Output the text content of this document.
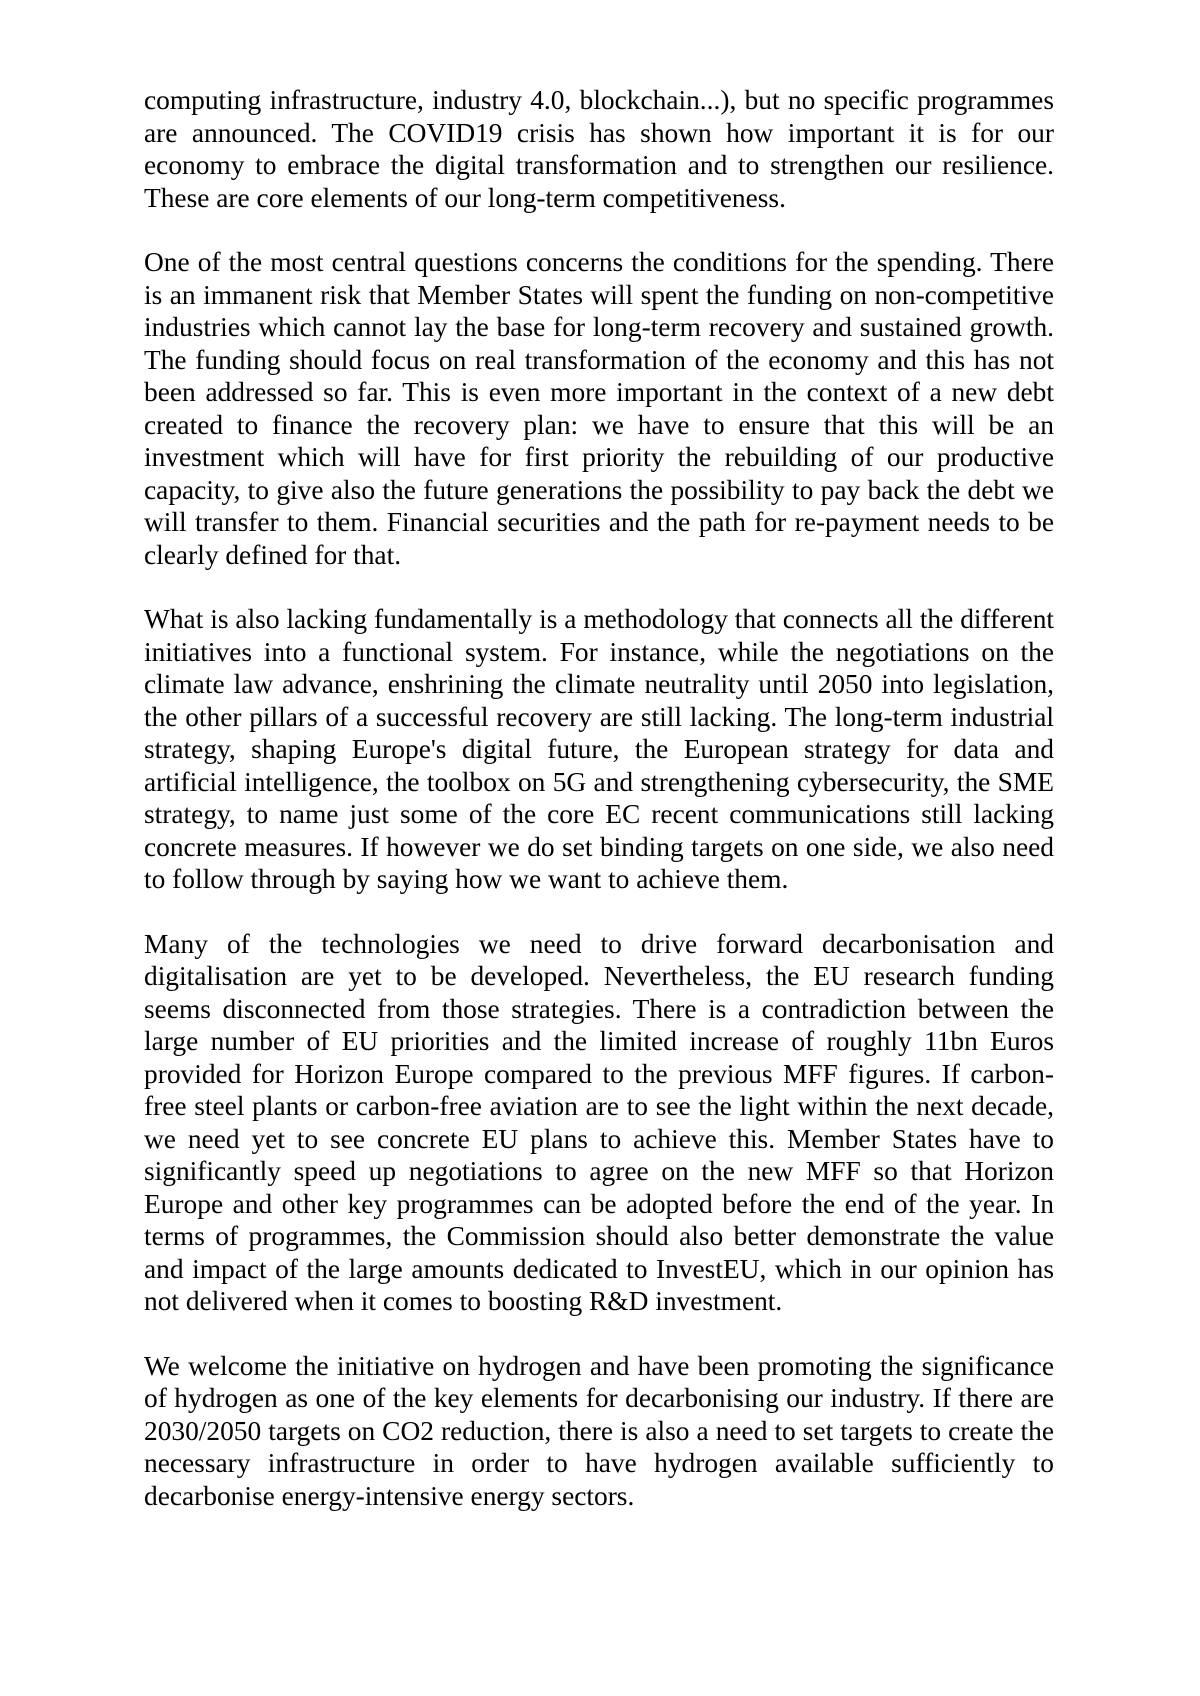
computing infrastructure, industry 4.0, blockchain...), but no specific programmes are announced. The COVID19 crisis has shown how important it is for our economy to embrace the digital transformation and to strengthen our resilience. These are core elements of our long-term competitiveness.

One of the most central questions concerns the conditions for the spending. There is an immanent risk that Member States will spent the funding on non-competitive industries which cannot lay the base for long-term recovery and sustained growth. The funding should focus on real transformation of the economy and this has not been addressed so far. This is even more important in the context of a new debt created to finance the recovery plan: we have to ensure that this will be an investment which will have for first priority the rebuilding of our productive capacity, to give also the future generations the possibility to pay back the debt we will transfer to them. Financial securities and the path for re-payment needs to be clearly defined for that.

What is also lacking fundamentally is a methodology that connects all the different initiatives into a functional system. For instance, while the negotiations on the climate law advance, enshrining the climate neutrality until 2050 into legislation, the other pillars of a successful recovery are still lacking. The long-term industrial strategy, shaping Europe's digital future, the European strategy for data and artificial intelligence, the toolbox on 5G and strengthening cybersecurity, the SME strategy, to name just some of the core EC recent communications still lacking concrete measures. If however we do set binding targets on one side, we also need to follow through by saying how we want to achieve them.

Many of the technologies we need to drive forward decarbonisation and digitalisation are yet to be developed. Nevertheless, the EU research funding seems disconnected from those strategies. There is a contradiction between the large number of EU priorities and the limited increase of roughly 11bn Euros provided for Horizon Europe compared to the previous MFF figures. If carbon-free steel plants or carbon-free aviation are to see the light within the next decade, we need yet to see concrete EU plans to achieve this. Member States have to significantly speed up negotiations to agree on the new MFF so that Horizon Europe and other key programmes can be adopted before the end of the year. In terms of programmes, the Commission should also better demonstrate the value and impact of the large amounts dedicated to InvestEU, which in our opinion has not delivered when it comes to boosting R&D investment.

We welcome the initiative on hydrogen and have been promoting the significance of hydrogen as one of the key elements for decarbonising our industry. If there are 2030/2050 targets on CO2 reduction, there is also a need to set targets to create the necessary infrastructure in order to have hydrogen available sufficiently to decarbonise energy-intensive energy sectors.
